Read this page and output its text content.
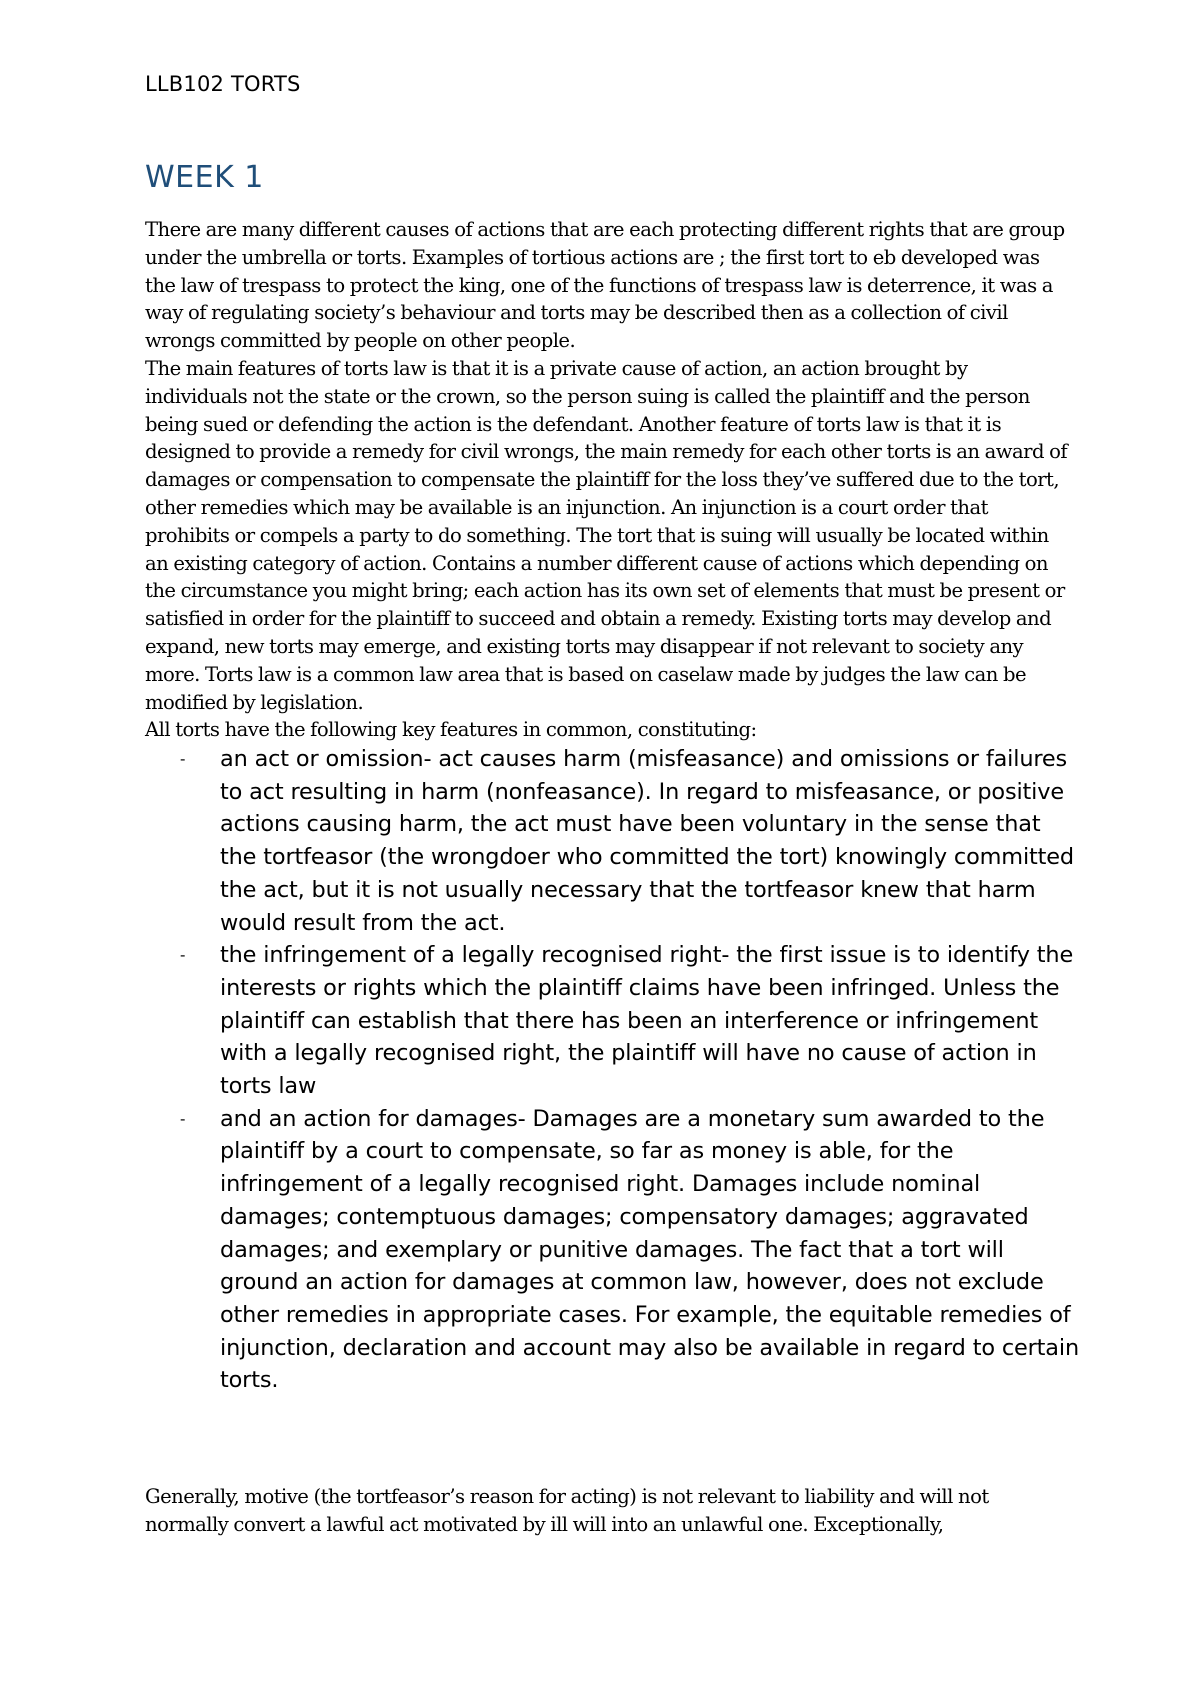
LLB102 TORTS
WEEK 1

There are many different causes of actions that are each protecting different rights that are group under the umbrella or torts. Examples of tortious actions are ; the first tort to eb developed was the law of trespass to protect the king, one of the functions of trespass law is deterrence, it was a way of regulating society’s behaviour and torts may be described then as a collection of civil wrongs committed by people on other people.

The main features of torts law is that it is a private cause of action, an action brought by individuals not the state or the crown, so the person suing is called the plaintiff and the person being sued or defending the action is the defendant. Another feature of torts law is that it is designed to provide a remedy for civil wrongs, the main remedy for each other torts is an award of damages or compensation to compensate the plaintiff for the loss they’ve suffered due to the tort, other remedies which may be available is an injunction. An injunction is a court order that prohibits or compels a party to do something. The tort that is suing will usually be located within an existing category of action. Contains a number different cause of actions which depending on the circumstance you might bring; each action has its own set of elements that must be present or satisfied in order for the plaintiff to succeed and obtain a remedy. Existing torts may develop and expand, new torts may emerge, and existing torts may disappear if not relevant to society any more. Torts law is a common law area that is based on caselaw made by judges the law can be modified by legislation.

All torts have the following key features in common, constituting:

- an act or omission- act causes harm (misfeasance) and omissions or failures to act resulting in harm (nonfeasance). In regard to misfeasance, or positive actions causing harm, the act must have been voluntary in the sense that the tortfeasor (the wrongdoer who committed the tort) knowingly committed the act, but it is not usually necessary that the tortfeasor knew that harm would result from the act.
- the infringement of a legally recognised right- the first issue is to identify the interests or rights which the plaintiff claims have been infringed. Unless the plaintiff can establish that there has been an interference or infringement with a legally recognised right, the plaintiff will have no cause of action in torts law
- and an action for damages- Damages are a monetary sum awarded to the plaintiff by a court to compensate, so far as money is able, for the infringement of a legally recognised right. Damages include nominal damages; contemptuous damages; compensatory damages; aggravated damages; and exemplary or punitive damages. The fact that a tort will ground an action for damages at common law, however, does not exclude other remedies in appropriate cases. For example, the equitable remedies of injunction, declaration and account may also be available in regard to certain torts.

Generally, motive (the tortfeasor’s reason for acting) is not relevant to liability and will not normally convert a lawful act motivated by ill will into an unlawful one. Exceptionally,
